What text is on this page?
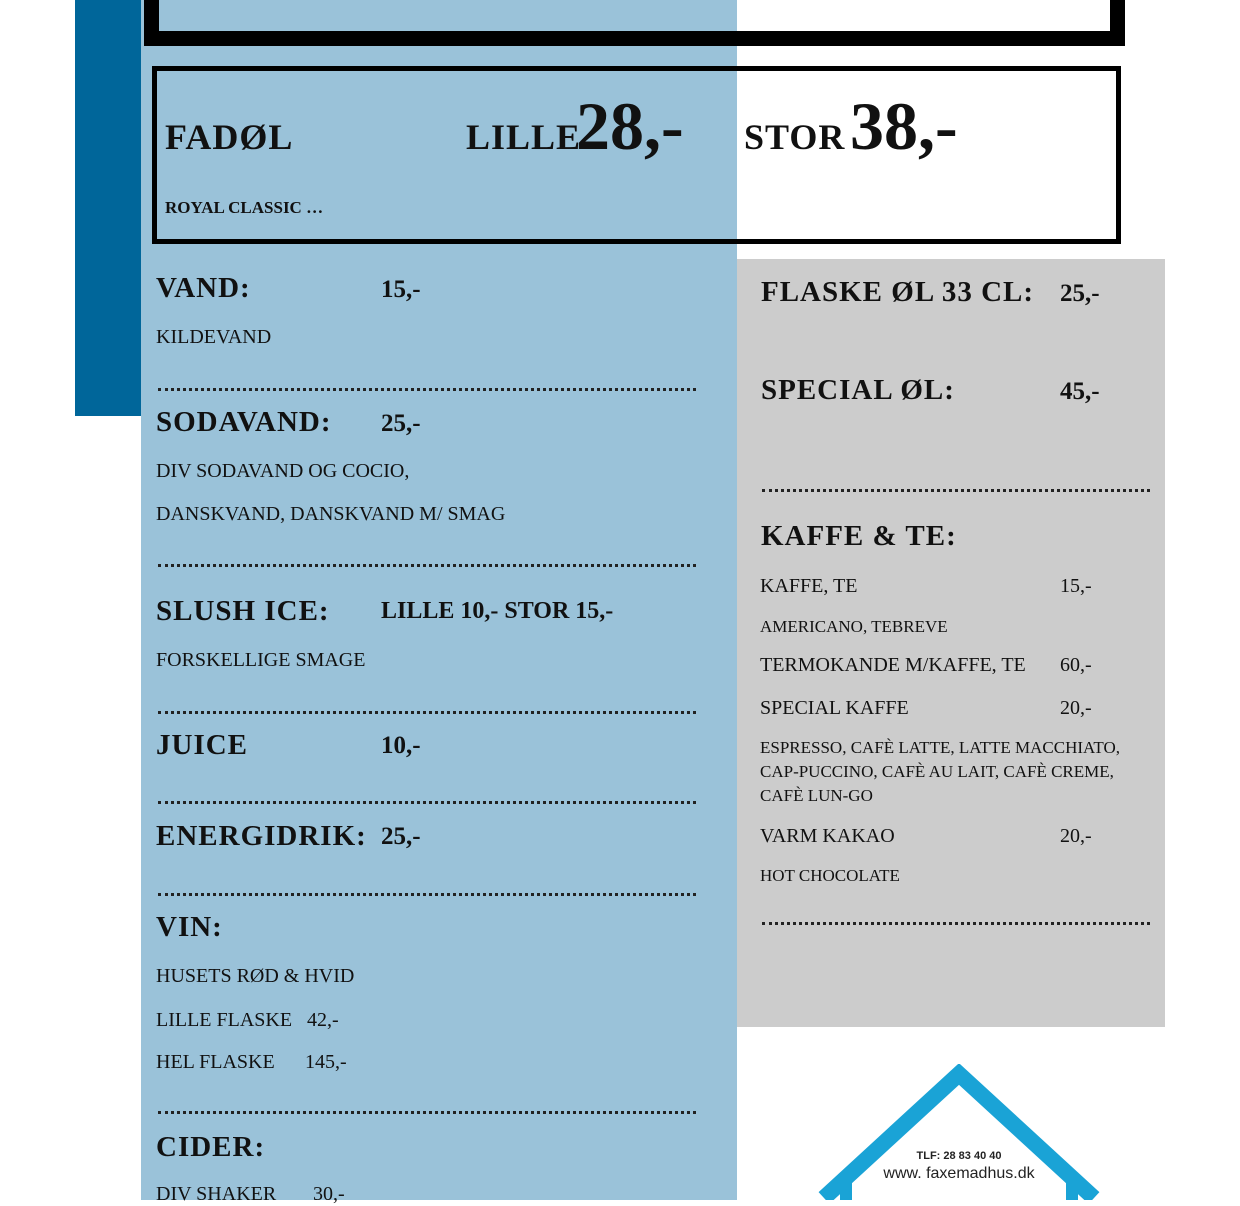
FADØL	LILLE
28,- STOR 38,-
ROYAL CLASSIC …
VAND:	15,-
KILDEVAND
SODAVAND: 25,-
DIV SODAVAND OG COCIO,
DANSKVAND, DANSKVAND M/ SMAG
SLUSH ICE: LILLE 10,- STOR 15,-
FORSKELLIGE SMAGE
JUICE	10,-
ENERGIDRIK: 25,-
VIN:
HUSETS RØD & HVID
LILLE FLASKE 42,-
HEL FLASKE 145,-
CIDER:
DIV SHAKER 30,-
FLASKE ØL 33 CL: 25,-
SPECIAL ØL:	45,-
KAFFE & TE:
KAFFE, TE	15,-
AMERICANO, TEBREVE
TERMOKANDE M/KAFFE, TE 60,-
SPECIAL KAFFE	20,-
ESPRESSO, CAFÈ LATTE, LATTE MACCHIATO, CAP-PUCCINO, CAFÈ AU LAIT, CAFÈ CREME, CAFÈ LUN-GO
VARM KAKAO	20,-
HOT CHOCOLATE
TLF: 28 83 40 40
www. faxemadhus.dk
